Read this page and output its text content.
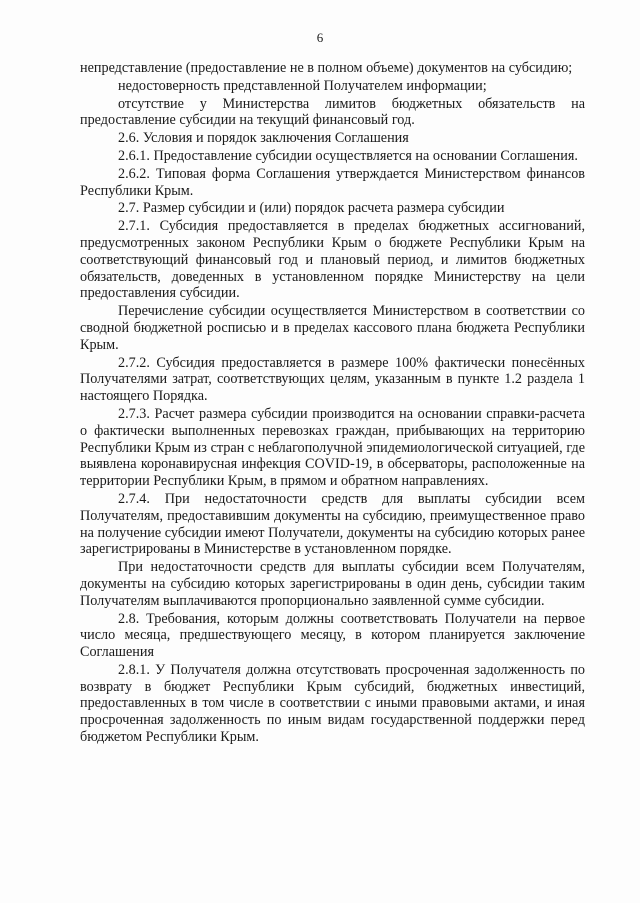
6

непредставление (предоставление не в полном объеме) документов на субсидию;

недостоверность представленной Получателем информации;

отсутствие у Министерства лимитов бюджетных обязательств на предоставление субсидии на текущий финансовый год.

2.6. Условия и порядок заключения Соглашения

2.6.1. Предоставление субсидии осуществляется на основании Соглашения.

2.6.2. Типовая форма Соглашения утверждается Министерством финансов Республики Крым.

2.7. Размер субсидии и (или) порядок расчета размера субсидии

2.7.1. Субсидия предоставляется в пределах бюджетных ассигнований, предусмотренных законом Республики Крым о бюджете Республики Крым на соответствующий финансовый год и плановый период, и лимитов бюджетных обязательств, доведенных в установленном порядке Министерству на цели предоставления субсидии.

Перечисление субсидии осуществляется Министерством в соответствии со сводной бюджетной росписью и в пределах кассового плана бюджета Республики Крым.

2.7.2. Субсидия предоставляется в размере 100% фактически понесённых Получателями затрат, соответствующих целям, указанным в пункте 1.2 раздела 1 настоящего Порядка.

2.7.3. Расчет размера субсидии производится на основании справки-расчета о фактически выполненных перевозках граждан, прибывающих на территорию Республики Крым из стран с неблагополучной эпидемиологической ситуацией, где выявлена коронавирусная инфекция COVID-19, в обсерваторы, расположенные на территории Республики Крым, в прямом и обратном направлениях.

2.7.4. При недостаточности средств для выплаты субсидии всем Получателям, предоставившим документы на субсидию, преимущественное право на получение субсидии имеют Получатели, документы на субсидию которых ранее зарегистрированы в Министерстве в установленном порядке.

При недостаточности средств для выплаты субсидии всем Получателям, документы на субсидию которых зарегистрированы в один день, субсидии таким Получателям выплачиваются пропорционально заявленной сумме субсидии.

2.8. Требования, которым должны соответствовать Получатели на первое число месяца, предшествующего месяцу, в котором планируется заключение Соглашения

2.8.1. У Получателя должна отсутствовать просроченная задолженность по возврату в бюджет Республики Крым субсидий, бюджетных инвестиций, предоставленных в том числе в соответствии с иными правовыми актами, и иная просроченная задолженность по иным видам государственной поддержки перед бюджетом Республики Крым.
